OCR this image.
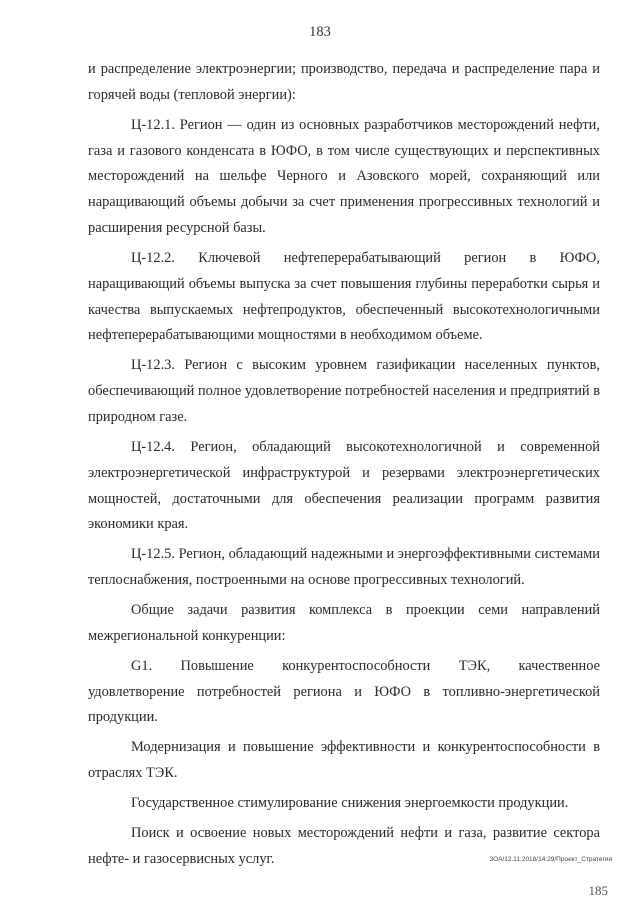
183

и распределение электроэнергии; производство, передача и распределение пара и горячей воды (тепловой энергии):

Ц-12.1. Регион — один из основных разработчиков месторождений нефти, газа и газового конденсата в ЮФО, в том числе существующих и перспективных месторождений на шельфе Черного и Азовского морей, сохраняющий или наращивающий объемы добычи за счет применения прогрессивных технологий и расширения ресурсной базы.

Ц-12.2. Ключевой нефтеперерабатывающий регион в ЮФО, наращивающий объемы выпуска за счет повышения глубины переработки сырья и качества выпускаемых нефтепродуктов, обеспеченный высокотехнологичными нефтеперерабатывающими мощностями в необходимом объеме.

Ц-12.3. Регион с высоким уровнем газификации населенных пунктов, обеспечивающий полное удовлетворение потребностей населения и предприятий в природном газе.

Ц-12.4. Регион, обладающий высокотехнологичной и современной электроэнергетической инфраструктурой и резервами электроэнергетических мощностей, достаточными для обеспечения реализации программ развития экономики края.

Ц-12.5. Регион, обладающий надежными и энергоэффективными системами теплоснабжения, построенными на основе прогрессивных технологий.

Общие задачи развития комплекса в проекции семи направлений межрегиональной конкуренции:

G1. Повышение конкурентоспособности ТЭК, качественное удовлетворение потребностей региона и ЮФО в топливно-энергетической продукции.

Модернизация и повышение эффективности и конкурентоспособности в отраслях ТЭК.

Государственное стимулирование снижения энергоемкости продукции.

Поиск и освоение новых месторождений нефти и газа, развитие сектора нефте- и газосервисных услуг.	ЗОА/12.11.2018/14:29/Проект_Стратегия
185
